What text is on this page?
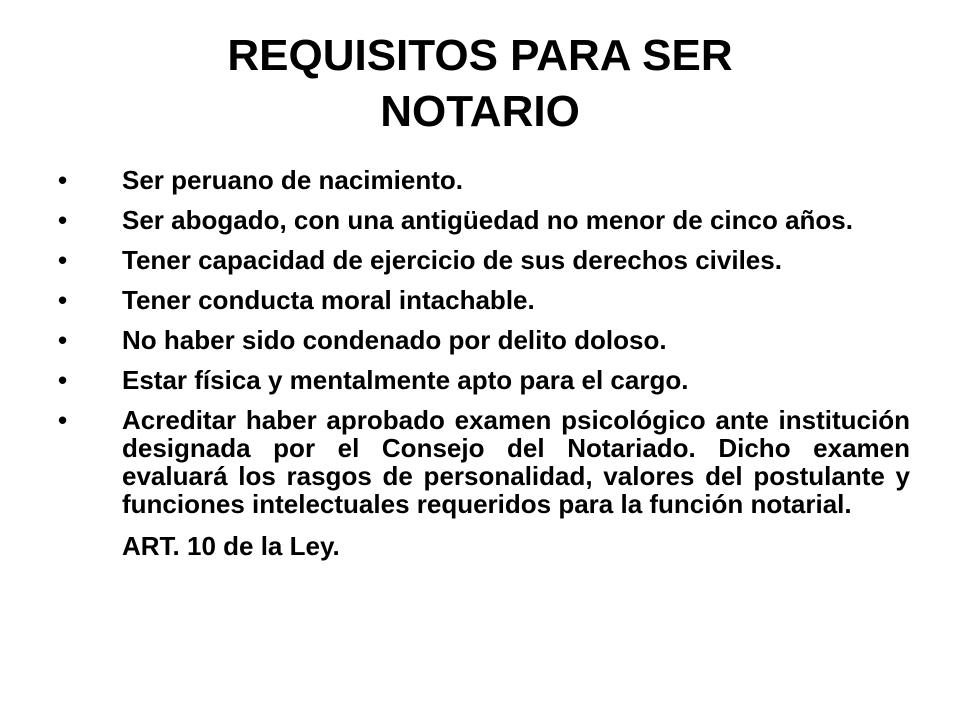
REQUISITOS PARA SER
NOTARIO
•	Ser peruano de nacimiento.
•	Ser abogado, con una antigüedad no menor de cinco años.
•	Tener capacidad de ejercicio de sus derechos civiles.
•	Tener conducta moral intachable.
•	No haber sido condenado por delito doloso.
•	Estar física y mentalmente apto para el cargo.
•	Acreditar haber aprobado examen psicológico ante institución designada por el Consejo del Notariado. Dicho examen evaluará los rasgos de personalidad, valores del postulante y funciones intelectuales requeridos para la función notarial.
ART. 10 de la Ley.
